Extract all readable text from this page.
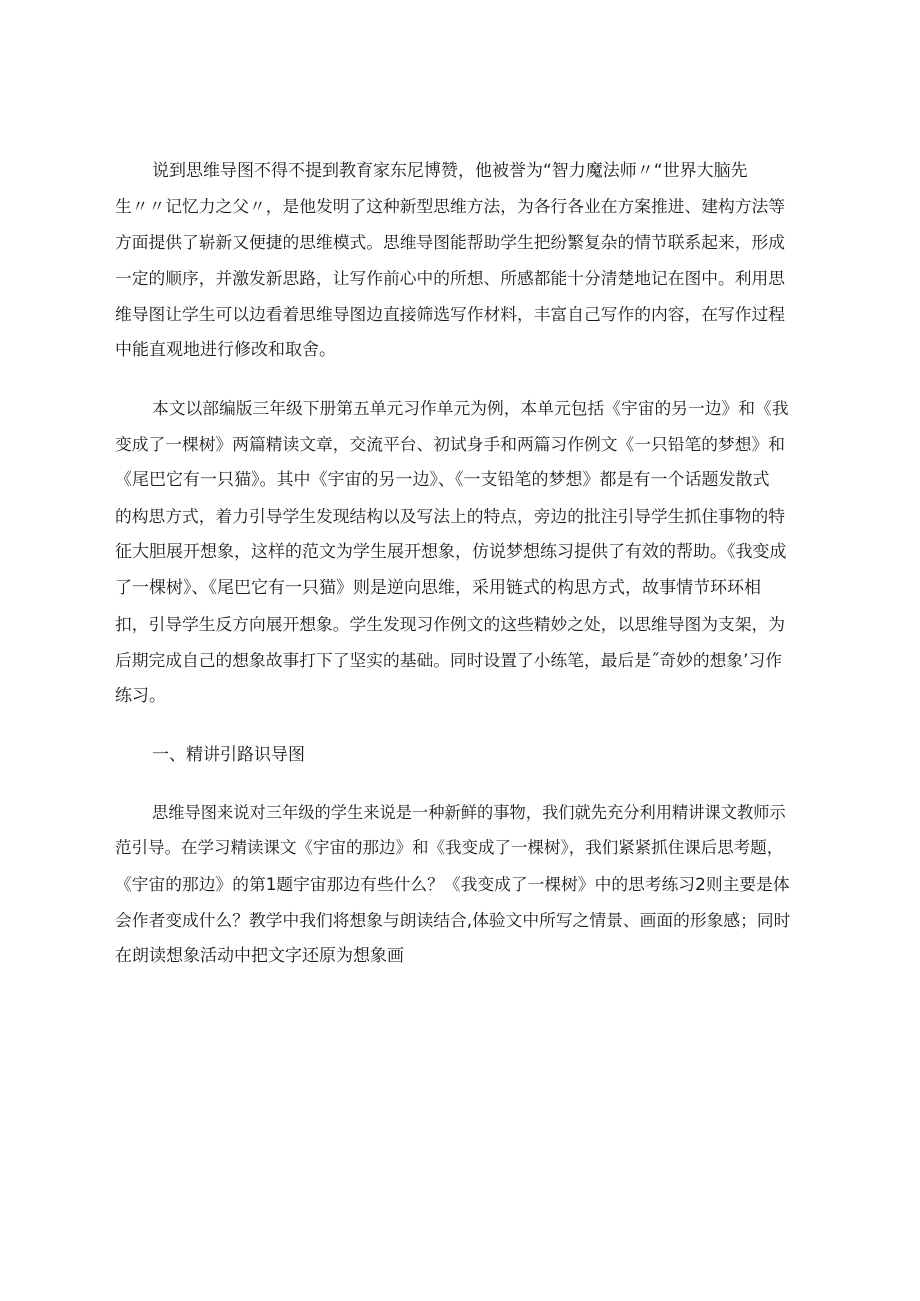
说到思维导图不得不提到教育家东尼博赞，他被誉为“智力魔法师〃“世界大脑先
生〃〃记忆力之父〃，是他发明了这种新型思维方法，为各行各业在方案推进、建构方法等
方面提供了崭新又便捷的思维模式。思维导图能帮助学生把纷繁复杂的情节联系起来，形成
一定的顺序，并激发新思路，让写作前心中的所想、所感都能十分清楚地记在图中。利用思
维导图让学生可以边看着思维导图边直接筛选写作材料，丰富自己写作的内容，在写作过程
中能直观地进行修改和取舍。
本文以部编版三年级下册第五单元习作单元为例，本单元包括《宇宙的另一边》和《我
变成了一棵树》两篇精读文章，交流平台、初试身手和两篇习作例文《一只铅笔的梦想》和
《尾巴它有一只猫》。其中《宇宙的另一边》、《一支铅笔的梦想》都是有一个话题发散式
的构思方式，着力引导学生发现结构以及写法上的特点，旁边的批注引导学生抓住事物的特
征大胆展开想象，这样的范文为学生展开想象，仿说梦想练习提供了有效的帮助。《我变成
了一棵树》、《尾巴它有一只猫》则是逆向思维，采用链式的构思方式，故事情节环环相
扣，引导学生反方向展开想象。学生发现习作例文的这些精妙之处，以思维导图为支架，为
后期完成自己的想象故事打下了坚实的基础。同时设置了小练笔，最后是˝奇妙的想象’习作
练习。
一、精讲引路识导图
思维导图来说对三年级的学生来说是一种新鲜的事物，我们就先充分利用精讲课文教师示
范引导。在学习精读课文《宇宙的那边》和《我变成了一棵树》，我们紧紧抓住课后思考题，
《宇宙的那边》的第1题宇宙那边有些什么？《我变成了一棵树》中的思考练习2则主要是体
会作者变成什么？教学中我们将想象与朗读结合,体验文中所写之情景、画面的形象感；同时
在朗读想象活动中把文字还原为想象画
